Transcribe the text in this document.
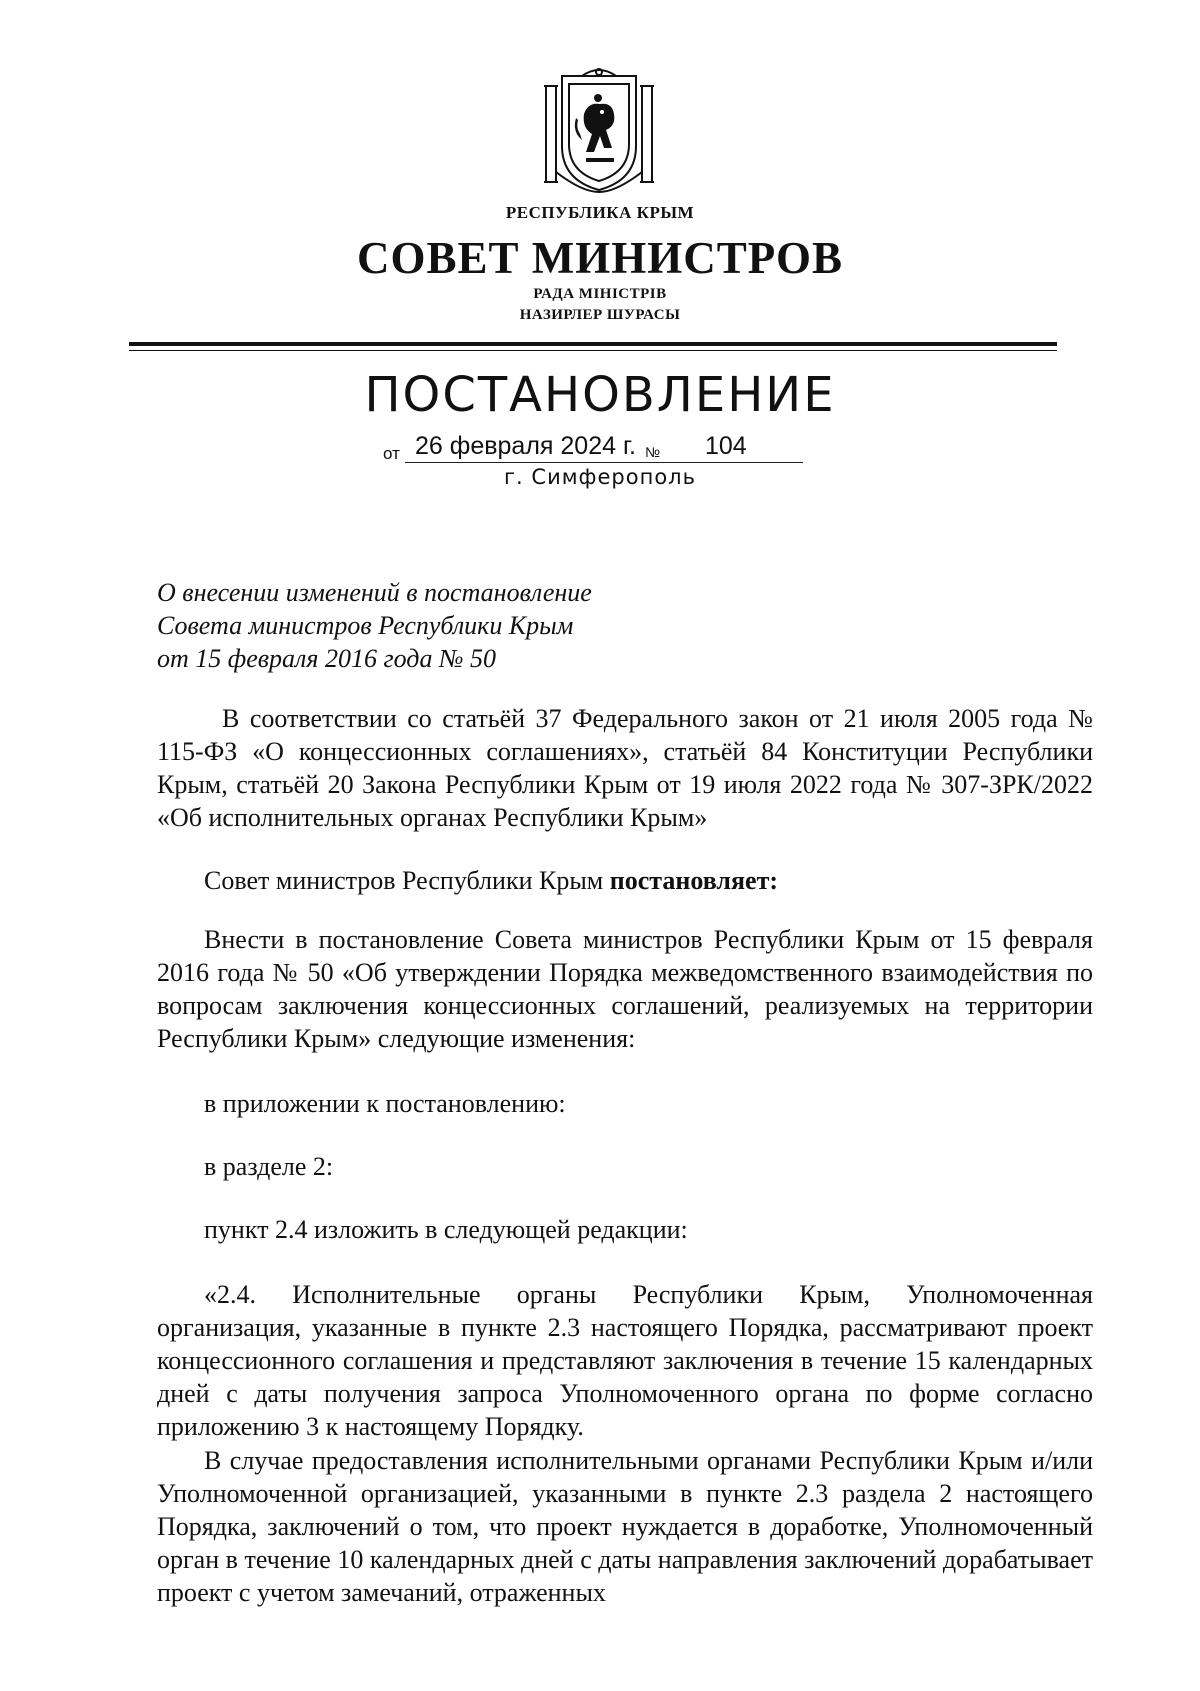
РЕСПУБЛИКА КРЫМ
СОВЕТ МИНИСТРОВ
РАДА МІНІСТРІВ
НАЗИРЛЕР ШУРАСЫ
ПОСТАНОВЛЕНИЕ
от 26 февраля 2024 г. № 104
г. Симферополь
О внесении изменений в постановление
Совета министров Республики Крым
от 15 февраля 2016 года № 50

В соответствии со статьёй 37 Федерального закон от 21 июля 2005 года № 115-ФЗ «О концессионных соглашениях», статьёй 84 Конституции Республики Крым, статьёй 20 Закона Республики Крым от 19 июля 2022 года № 307-ЗРК/2022 «Об исполнительных органах Республики Крым»

Совет министров Республики Крым постановляет:

Внести в постановление Совета министров Республики Крым от 15 февраля 2016 года № 50 «Об утверждении Порядка межведомственного взаимодействия по вопросам заключения концессионных соглашений, реализуемых на территории Республики Крым» следующие изменения:

в приложении к постановлению:

в разделе 2:

пункт 2.4 изложить в следующей редакции:

«2.4. Исполнительные органы Республики Крым, Уполномоченная организация, указанные в пункте 2.3 настоящего Порядка, рассматривают проект концессионного соглашения и представляют заключения в течение 15 календарных дней с даты получения запроса Уполномоченного органа по форме согласно приложению 3 к настоящему Порядку.

В случае предоставления исполнительными органами Республики Крым и/или Уполномоченной организацией, указанными в пункте 2.3 раздела 2 настоящего Порядка, заключений о том, что проект нуждается в доработке, Уполномоченный орган в течение 10 календарных дней с даты направления заключений дорабатывает проект с учетом замечаний, отраженных
